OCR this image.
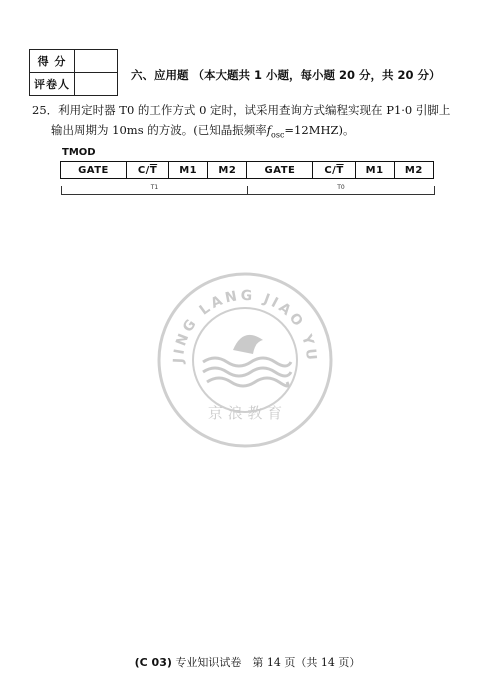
得 分	
评卷人	
六、应用题 （本大题共 1 小题，每小题 20 分，共 20 分）
25．利用定时器 T0 的工作方式 0 定时，试采用查询方式编程实现在 P1·0 引脚上
输出周期为 10ms 的方波。(已知晶振频率$f_{osc}=12MHZ$)。
TMOD
GATE	$C/\overline{T}$	M1	M2	GATE	$C/\overline{T}$	M1	M2
T1	T0
JING LANG JIAO YU
京 浪 教 育
(C 03) 专业知识试卷　第 14 页（共 14 页）
